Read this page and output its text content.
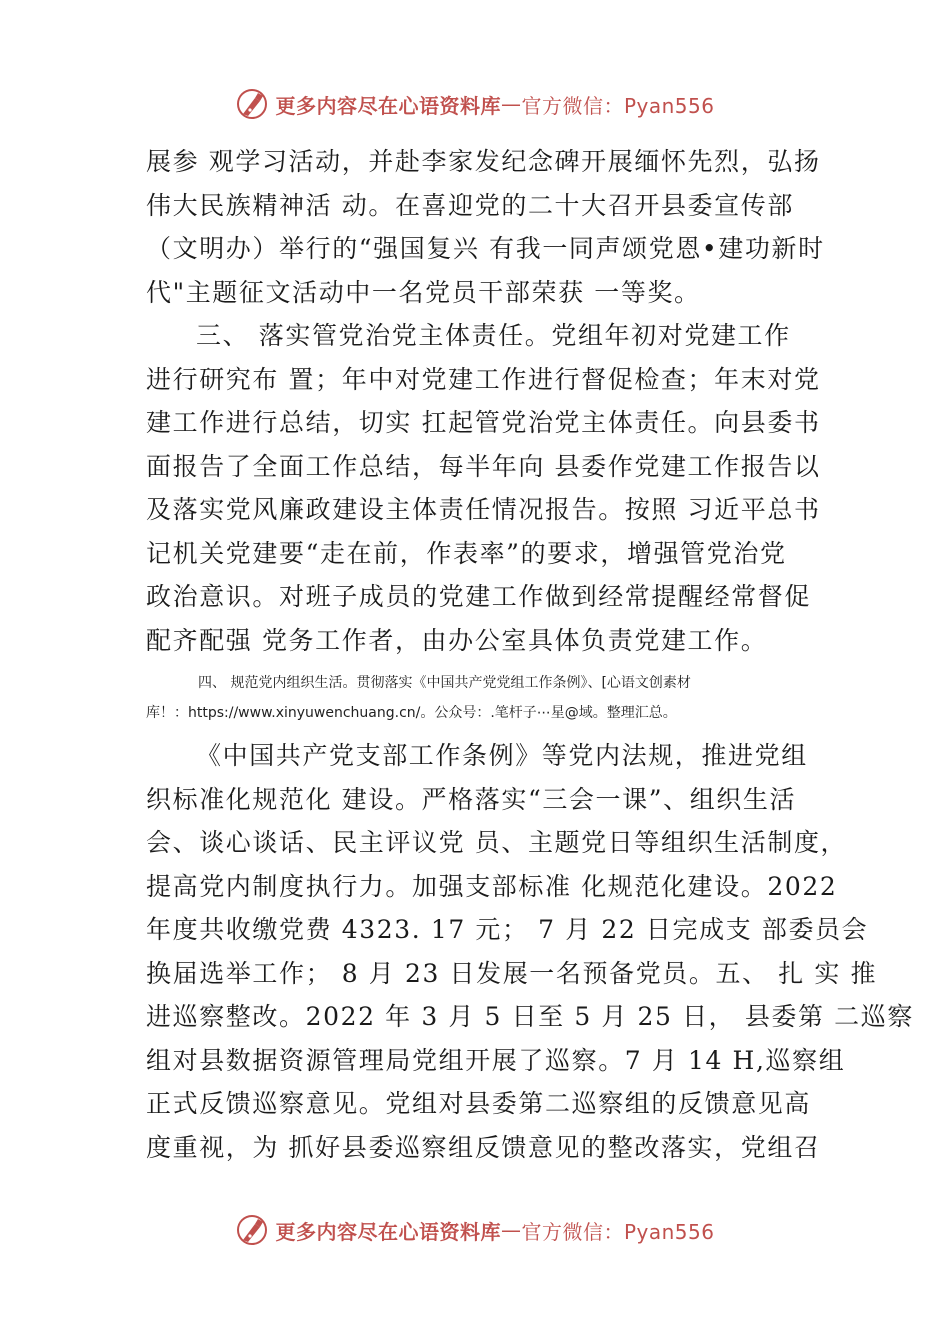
更多内容尽在心语资料库 — 官方微信：Pyan556
展参 观学习活动，并赴李家发纪念碑开展缅怀先烈，弘扬
伟大民族精神活 动。在喜迎党的二十大召开县委宣传部
（文明办）举行的“强国复兴 有我一同声颂党恩•建功新时
代"主题征文活动中一名党员干部荣获 一等奖。
三、 落实管党治党主体责任。党组年初对党建工作
进行研究布 置；年中对党建工作进行督促检查；年末对党
建工作进行总结，切实 扛起管党治党主体责任。向县委书
面报告了全面工作总结，每半年向 县委作党建工作报告以
及落实党风廉政建设主体责任情况报告。按照 习近平总书
记机关党建要“走在前，作表率”的要求，增强管党治党
政治意识。对班子成员的党建工作做到经常提醒经常督促
配齐配强 党务工作者，由办公室具体负责党建工作。
四、 规范党内组织生活。贯彻落实《中国共产党党组工作条例》、[心语文创素材
库！：https://www.xinyuwenchuang.cn/。公众号：.笔杆子⋯星@域。整理汇总。
《中国共产党支部工作条例》等党内法规，推进党组
织标准化规范化 建设。严格落实“三会一课”、组织生活
会、谈心谈话、民主评议党 员、主题党日等组织生活制度，
提高党内制度执行力。加强支部标准 化规范化建设。2022
年度共收缴党费 4323. 17 元； 7 月 22 日完成支 部委员会
换届选举工作； 8 月 23 日发展一名预备党员。五、 扎 实 推
进巡察整改。2022 年 3 月 5 日至 5 月 25 日， 县委第 二巡察
组对县数据资源管理局党组开展了巡察。7 月 14 H,巡察组
正式反馈巡察意见。党组对县委第二巡察组的反馈意见高
度重视，为 抓好县委巡察组反馈意见的整改落实，党组召
更多内容尽在心语资料库 — 官方微信：Pyan556
